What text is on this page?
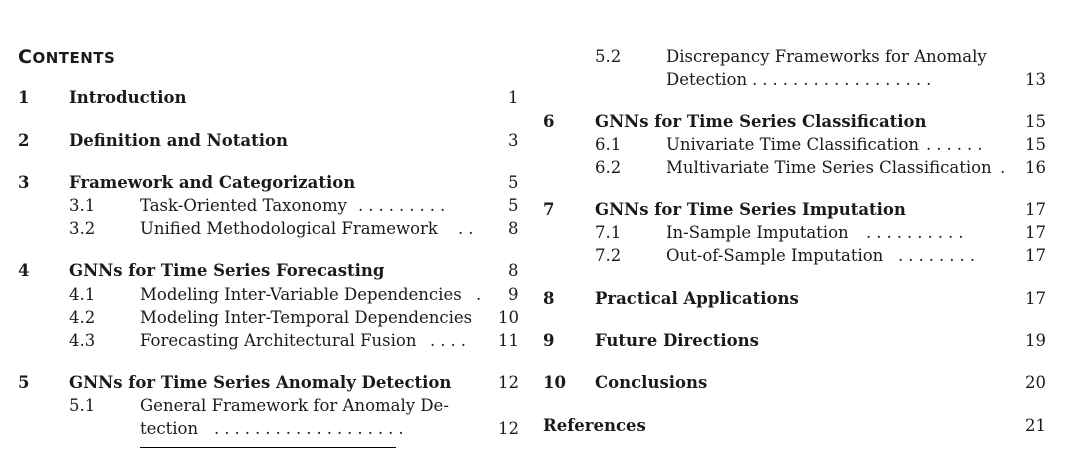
CONTENTS
1 Introduction	1
2 Definition and Notation	3
3 Framework and Categorization	5
3.1	Task-Oriented Taxonomy .........	5
3.2	Unified Methodological Framework .. 8
4 GNNs for Time Series Forecasting	8
4.1	Modeling Inter-Variable Dependencies . 9
4.2	Modeling Inter-Temporal Dependencies 10
4.3	Forecasting Architectural Fusion .... 11
5 GNNs for Time Series Anomaly Detection	12
5.1	General Framework for Anomaly De-
tection ...................	12
5.2	Discrepancy Frameworks for Anomaly
Detection ..................	13
6 GNNs for Time Series Classification	15
6.1	Univariate Time Classification ...... 15
6.2	Multivariate Time Series Classification . 16
7 GNNs for Time Series Imputation	17
7.1	In-Sample Imputation ..........	17
7.2	Out-of-Sample Imputation ........	17
8 Practical Applications	17
9 Future Directions	19
10 Conclusions	20
References	21
